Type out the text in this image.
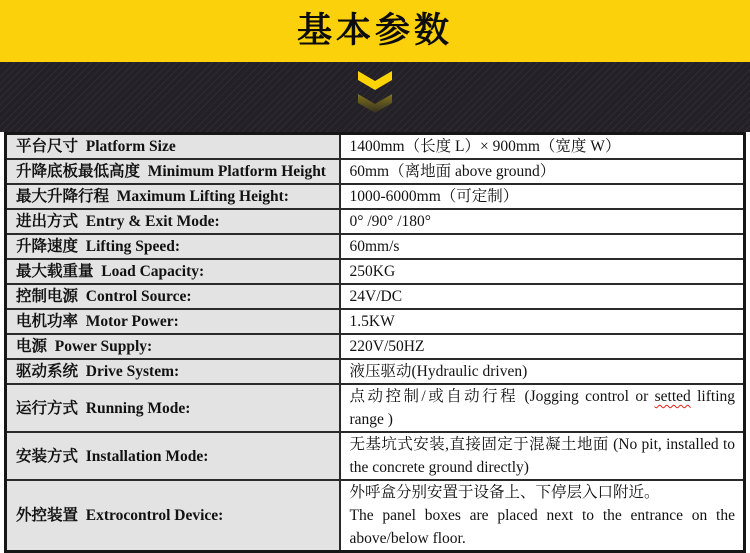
基本参数
平台尺寸  Platform Size	1400mm（长度 L）× 900mm（宽度 W）
升降底板最低高度  Minimum Platform Height	60mm（离地面 above ground）
最大升降行程  Maximum Lifting Height:	1000-6000mm（可定制）
进出方式  Entry & Exit Mode:	0° /90° /180°
升降速度  Lifting Speed:	60mm/s
最大载重量  Load Capacity:	250KG
控制电源  Control Source:	24V/DC
电机功率  Motor Power:	1.5KW
电源  Power Supply:	220V/50HZ
驱动系统  Drive System:	液压驱动(Hydraulic driven)
运行方式  Running Mode:	点动控制/或自动行程 (Jogging control or setted lifting range )
安装方式  Installation Mode:	无基坑式安装,直接固定于混凝土地面 (No pit, installed to the concrete ground directly)
外控装置  Extrocontrol Device:	外呼盒分别安置于设备上、下停层入口附近。
The panel boxes are placed next to the entrance on the above/below floor.
